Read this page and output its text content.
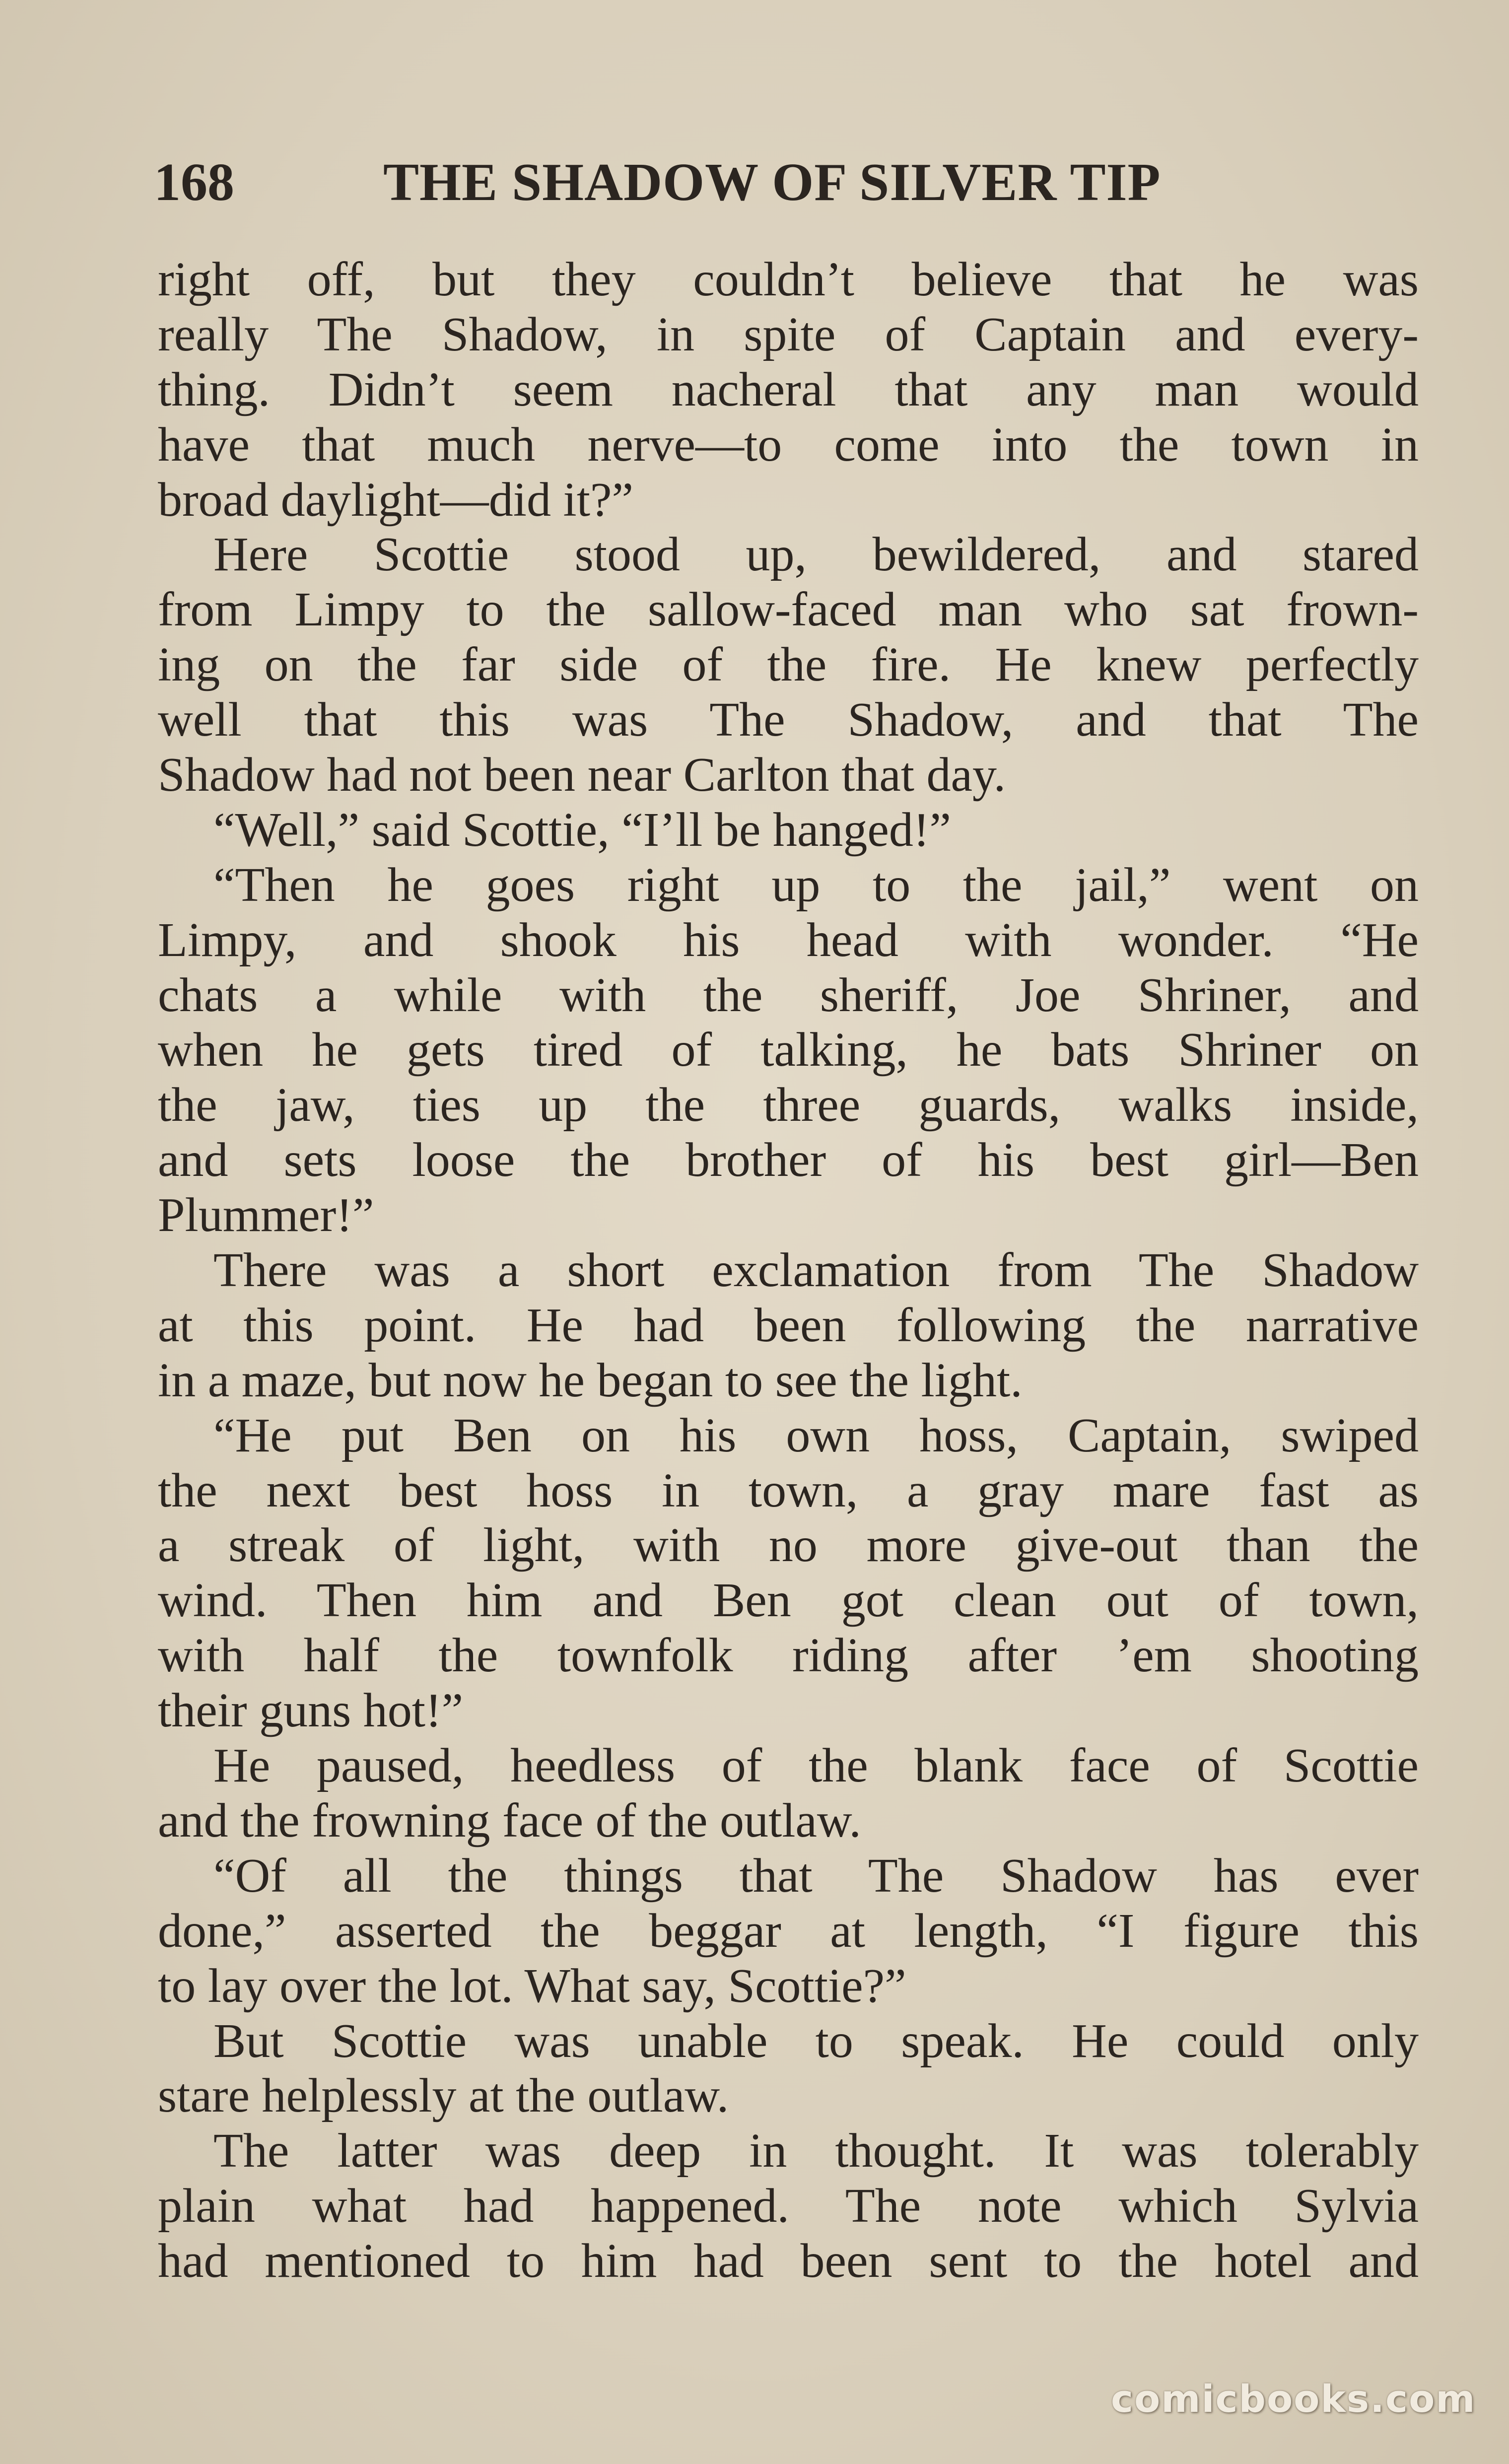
168	THE SHADOW OF SILVER TIP
right off, but they couldn’t believe that he was
really The Shadow, in spite of Captain and every-
thing. Didn’t seem nacheral that any man would
have that much nerve—to come into the town in
broad daylight—did it?”
Here Scottie stood up, bewildered, and stared
from Limpy to the sallow-faced man who sat frown-
ing on the far side of the fire. He knew perfectly
well that this was The Shadow, and that The
Shadow had not been near Carlton that day.
“Well,” said Scottie, “I’ll be hanged!”
“Then he goes right up to the jail,” went on
Limpy, and shook his head with wonder. “He
chats a while with the sheriff, Joe Shriner, and
when he gets tired of talking, he bats Shriner on
the jaw, ties up the three guards, walks inside,
and sets loose the brother of his best girl—Ben
Plummer!”
There was a short exclamation from The Shadow
at this point. He had been following the narrative
in a maze, but now he began to see the light.
“He put Ben on his own hoss, Captain, swiped
the next best hoss in town, a gray mare fast as
a streak of light, with no more give-out than the
wind. Then him and Ben got clean out of town,
with half the townfolk riding after ’em shooting
their guns hot!”
He paused, heedless of the blank face of Scottie
and the frowning face of the outlaw.
“Of all the things that The Shadow has ever
done,” asserted the beggar at length, “I figure this
to lay over the lot. What say, Scottie?”
But Scottie was unable to speak. He could only
stare helplessly at the outlaw.
The latter was deep in thought. It was tolerably
plain what had happened. The note which Sylvia
had mentioned to him had been sent to the hotel and
comicbooks.com
